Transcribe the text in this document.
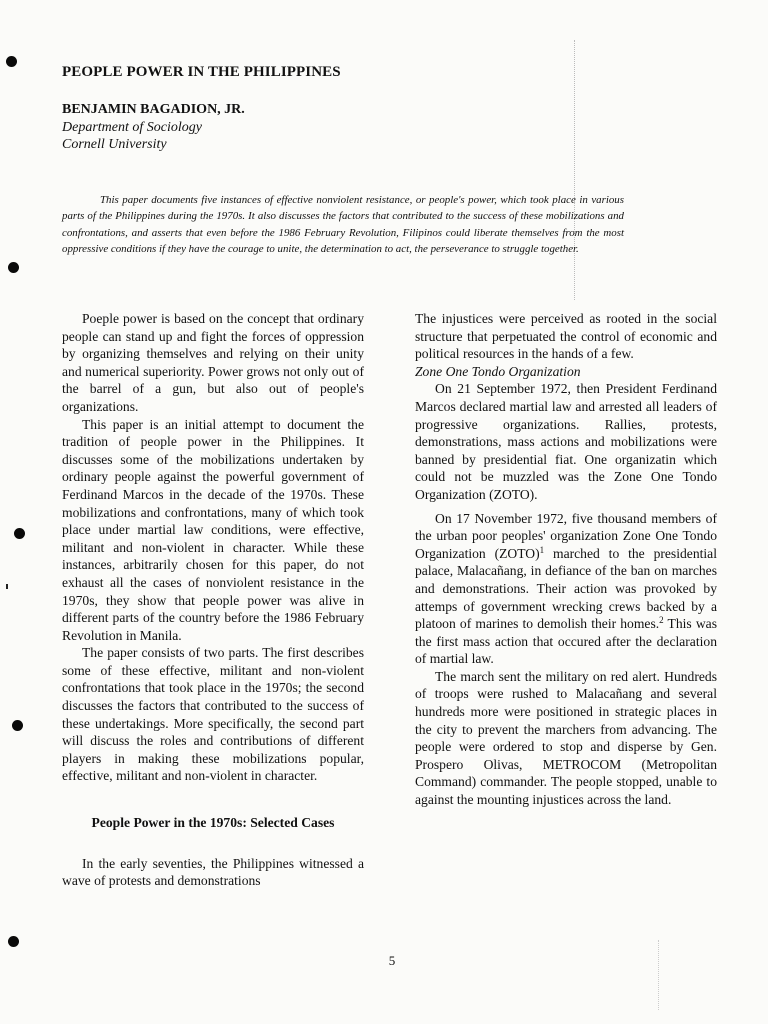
PEOPLE POWER IN THE PHILIPPINES
BENJAMIN BAGADION, JR.
Department of Sociology
Cornell University

This paper documents five instances of effective nonviolent resistance, or people's power, which took place in various parts of the Philippines during the 1970s. It also discusses the factors that contributed to the success of these mobilizations and confrontations, and asserts that even before the 1986 February Revolution, Filipinos could liberate themselves from the most oppressive conditions if they have the courage to unite, the determination to act, the perseverance to struggle together.

Poeple power is based on the concept that ordinary people can stand up and fight the forces of oppression by organizing themselves and relying on their unity and numerical superiority. Power grows not only out of the barrel of a gun, but also out of people's organizations.

This paper is an initial attempt to document the tradition of people power in the Philippines. It discusses some of the mobilizations undertaken by ordinary people against the powerful government of Ferdinand Marcos in the decade of the 1970s. These mobilizations and confrontations, many of which took place under martial law conditions, were effective, militant and non-violent in character. While these instances, arbitrarily chosen for this paper, do not exhaust all the cases of nonviolent resistance in the 1970s, they show that people power was alive in different parts of the country before the 1986 February Revolution in Manila.

The paper consists of two parts. The first describes some of these effective, militant and non-violent confrontations that took place in the 1970s; the second discusses the factors that contributed to the success of these undertakings. More specifically, the second part will discuss the roles and contributions of different players in making these mobilizations popular, effective, militant and non-violent in character.

People Power in the 1970s: Selected Cases

In the early seventies, the Philippines witnessed a wave of protests and demonstrations

The injustices were perceived as rooted in the social structure that perpetuated the control of economic and political resources in the hands of a few.

Zone One Tondo Organization

On 21 September 1972, then President Ferdinand Marcos declared martial law and arrested all leaders of progressive organizations. Rallies, protests, demonstrations, mass actions and mobilizations were banned by presidential fiat. One organizatin which could not be muzzled was the Zone One Tondo Organization (ZOTO).

On 17 November 1972, five thousand members of the urban poor peoples' organization Zone One Tondo Organization (ZOTO)$^1$ marched to the presidential palace, Malacañang, in defiance of the ban on marches and demonstrations. Their action was provoked by attemps of government wrecking crews backed by a platoon of marines to demolish their homes.$^2$ This was the first mass action that occured after the declaration of martial law.

The march sent the military on red alert. Hundreds of troops were rushed to Malacañang and several hundreds more were positioned in strategic places in the city to prevent the marchers from advancing. The people were ordered to stop and disperse by Gen. Prospero Olivas, METROCOM (Metropolitan Command) commander. The people stopped, unable to against the mounting injustices across the land.

5
